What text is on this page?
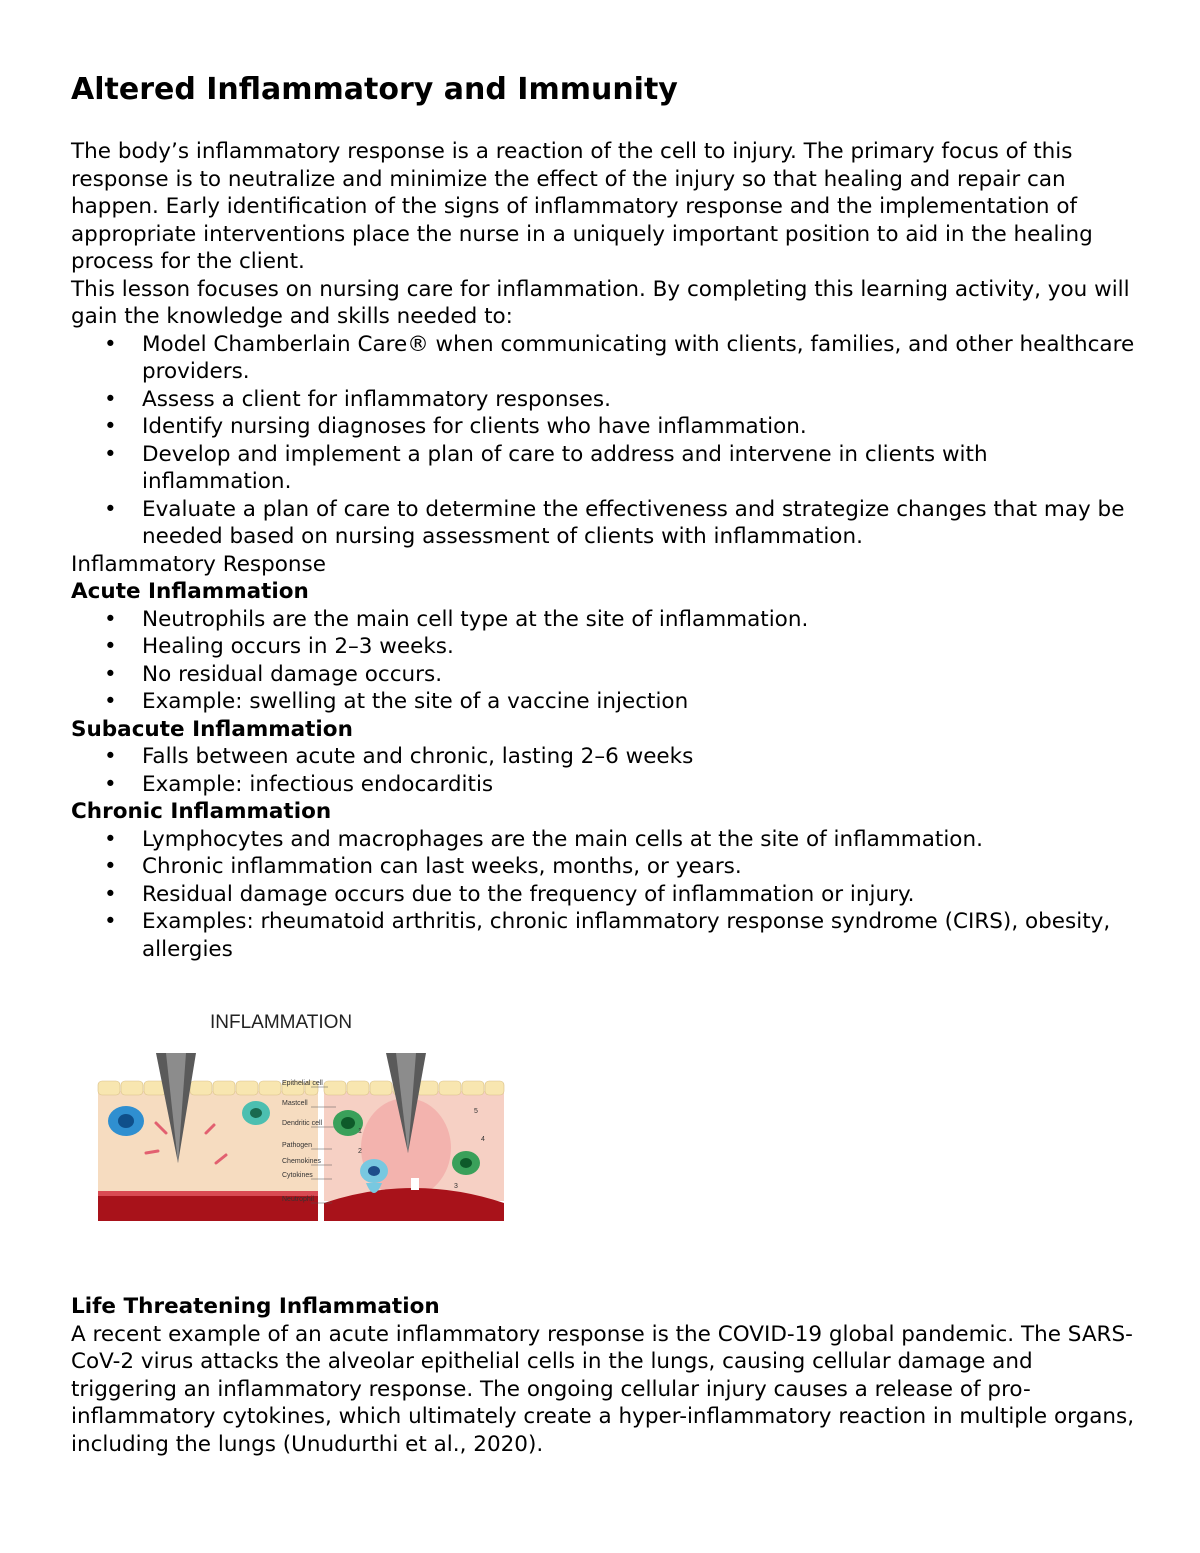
Altered Inflammatory and Immunity

The body’s inflammatory response is a reaction of the cell to injury. The primary focus of this response is to neutralize and minimize the effect of the injury so that healing and repair can happen. Early identification of the signs of inflammatory response and the implementation of appropriate interventions place the nurse in a uniquely important position to aid in the healing process for the client.

This lesson focuses on nursing care for inflammation. By completing this learning activity, you will gain the knowledge and skills needed to:

• Model Chamberlain Care® when communicating with clients, families, and other healthcare providers.
• Assess a client for inflammatory responses.
• Identify nursing diagnoses for clients who have inflammation.
• Develop and implement a plan of care to address and intervene in clients with inflammation.
• Evaluate a plan of care to determine the effectiveness and strategize changes that may be needed based on nursing assessment of clients with inflammation.

Inflammatory Response

Acute Inflammation

• Neutrophils are the main cell type at the site of inflammation.
• Healing occurs in 2–3 weeks.
• No residual damage occurs.
• Example: swelling at the site of a vaccine injection

Subacute Inflammation

• Falls between acute and chronic, lasting 2–6 weeks
• Example: infectious endocarditis

Chronic Inflammation

• Lymphocytes and macrophages are the main cells at the site of inflammation.
• Chronic inflammation can last weeks, months, or years.
• Residual damage occurs due to the frequency of inflammation or injury.
• Examples: rheumatoid arthritis, chronic inflammatory response syndrome (CIRS), obesity, allergies
INFLAMMATION
Epithelial cell
Mastcell
Dendritic cell
Pathogen
Chemokines
Cytokines
Neutrophil
1
2
3
4
5

Life Threatening Inflammation

A recent example of an acute inflammatory response is the COVID-19 global pandemic. The SARS-CoV-2 virus attacks the alveolar epithelial cells in the lungs, causing cellular damage and triggering an inflammatory response. The ongoing cellular injury causes a release of pro-inflammatory cytokines, which ultimately create a hyper-inflammatory reaction in multiple organs, including the lungs (Unudurthi et al., 2020).
